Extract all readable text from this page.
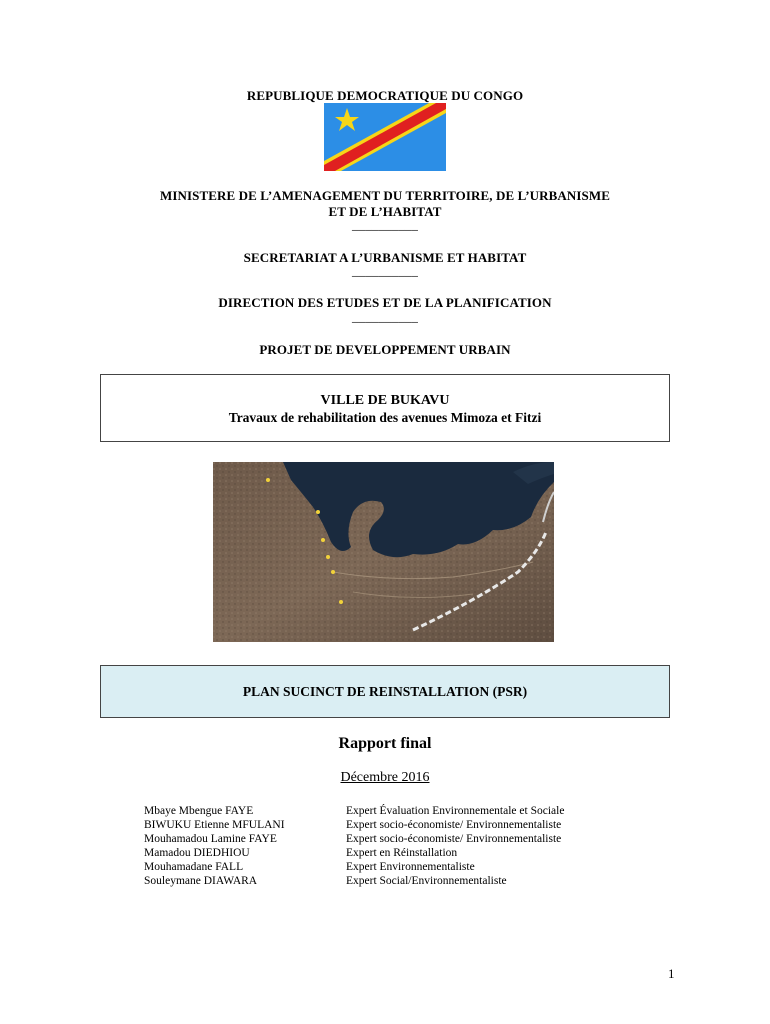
REPUBLIQUE DEMOCRATIQUE DU CONGO
MINISTERE DE L’AMENAGEMENT DU TERRITOIRE, DE L’URBANISME
ET DE L’HABITAT
__________
SECRETARIAT A L’URBANISME ET HABITAT
__________
DIRECTION DES ETUDES ET DE LA PLANIFICATION
__________
PROJET DE DEVELOPPEMENT URBAIN
VILLE DE BUKAVU
Travaux de rehabilitation des avenues Mimoza et Fitzi
PLAN SUCINCT DE REINSTALLATION (PSR)
Rapport final
Décembre 2016
Mbaye Mbengue FAYE	Expert Évaluation Environnementale et Sociale
BIWUKU Etienne MFULANI	Expert socio-économiste/ Environnementaliste
Mouhamadou Lamine FAYE	Expert socio-économiste/ Environnementaliste
Mamadou DIEDHIOU	Expert en Réinstallation
Mouhamadane FALL	Expert Environnementaliste
Souleymane DIAWARA	Expert Social/Environnementaliste
1
